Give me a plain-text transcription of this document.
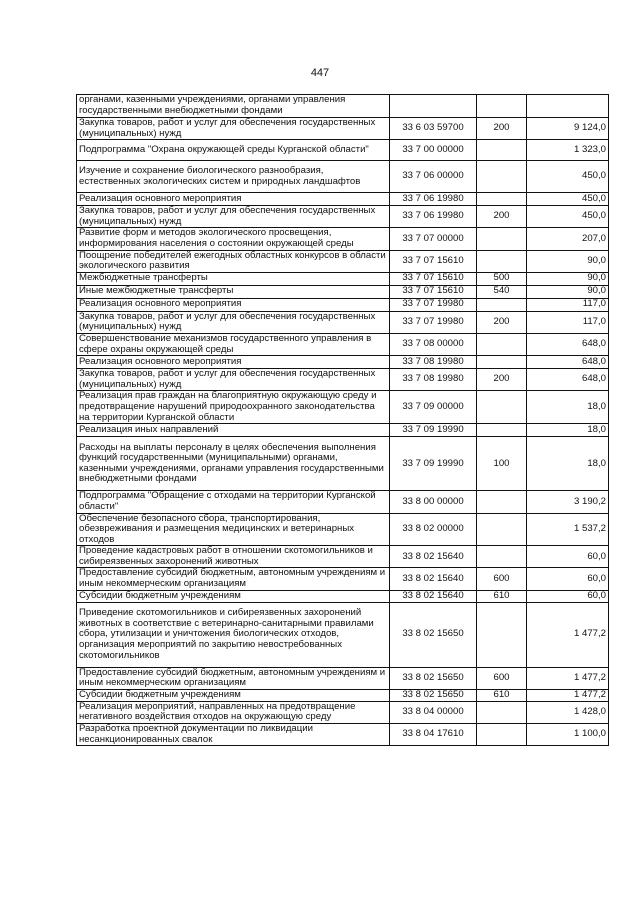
447
органами, казенными учреждениями, органами управления государственными внебюджетными фондами			
Закупка товаров, работ и услуг для обеспечения государственных (муниципальных) нужд	33 6 03 59700	200	9 124,0
Подпрограмма "Охрана окружающей среды Курганской области"	33 7 00 00000		1 323,0
Изучение и сохранение биологического разнообразия, естественных экологических систем и природных ландшафтов	33 7 06 00000		450,0
Реализация основного мероприятия	33 7 06 19980		450,0
Закупка товаров, работ и услуг для обеспечения государственных (муниципальных) нужд	33 7 06 19980	200	450,0
Развитие форм и методов экологического просвещения, информирования населения о состоянии окружающей среды	33 7 07 00000		207,0
Поощрение победителей ежегодных областных конкурсов в области экологического развития	33 7 07 15610		90,0
Межбюджетные трансферты	33 7 07 15610	500	90,0
Иные межбюджетные трансферты	33 7 07 15610	540	90,0
Реализация основного мероприятия	33 7 07 19980		117,0
Закупка товаров, работ и услуг для обеспечения государственных (муниципальных) нужд	33 7 07 19980	200	117,0
Совершенствование механизмов государственного управления в сфере охраны окружающей среды	33 7 08 00000		648,0
Реализация основного мероприятия	33 7 08 19980		648,0
Закупка товаров, работ и услуг для обеспечения государственных (муниципальных) нужд	33 7 08 19980	200	648,0
Реализация прав граждан на благоприятную окружающую среду и предотвращение нарушений природоохранного законодательства на территории Курганской области	33 7 09 00000		18,0
Реализация иных направлений	33 7 09 19990		18,0
Расходы на выплаты персоналу в целях обеспечения выполнения функций государственными (муниципальными) органами, казенными учреждениями, органами управления государственными внебюджетными фондами	33 7 09 19990	100	18,0
Подпрограмма "Обращение с отходами на территории Курганской области"	33 8 00 00000		3 190,2
Обеспечение безопасного сбора, транспортирования, обезвреживания и размещения медицинских и ветеринарных отходов	33 8 02 00000		1 537,2
Проведение кадастровых работ в отношении скотомогильников и сибиреязвенных захоронений животных	33 8 02 15640		60,0
Предоставление субсидий бюджетным, автономным учреждениям и иным некоммерческим организациям	33 8 02 15640	600	60,0
Субсидии бюджетным учреждениям	33 8 02 15640	610	60,0
Приведение скотомогильников и сибиреязвенных захоронений животных в соответствие с ветеринарно-санитарными правилами сбора, утилизации и уничтожения биологических отходов, организация мероприятий по закрытию невостребованных скотомогильников	33 8 02 15650		1 477,2
Предоставление субсидий бюджетным, автономным учреждениям и иным некоммерческим организациям	33 8 02 15650	600	1 477,2
Субсидии бюджетным учреждениям	33 8 02 15650	610	1 477,2
Реализация мероприятий, направленных на предотвращение негативного воздействия отходов на окружающую среду	33 8 04 00000		1 428,0
Разработка проектной документации по ликвидации несанкционированных свалок	33 8 04 17610		1 100,0
